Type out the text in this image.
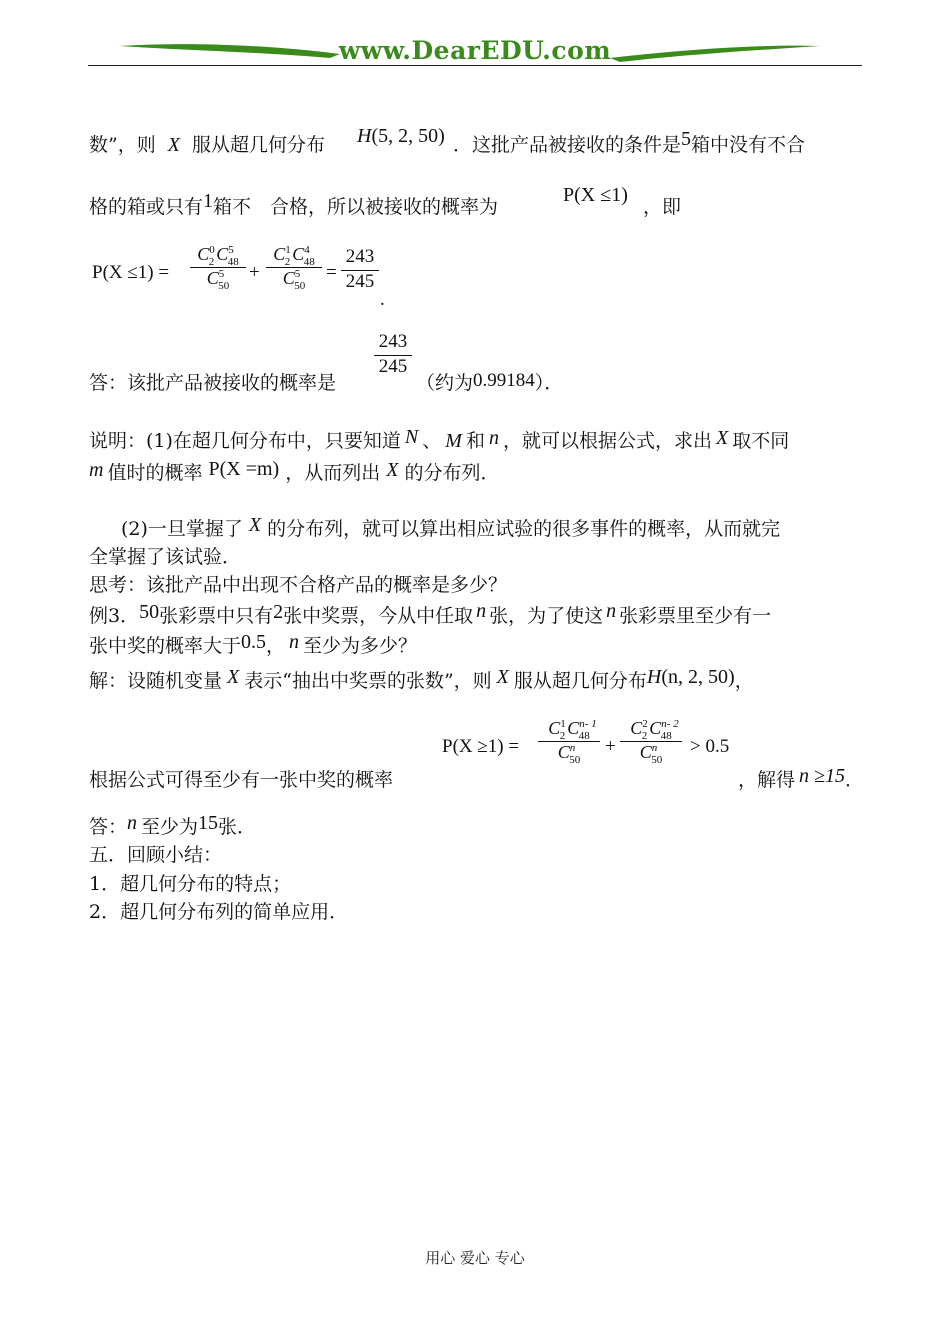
www.DearEDU.com
数”，则 X 服从超几何分布 H(5, 2, 50) ．这批产品被接收的条件是5箱中没有不合
格的箱或只有1箱不　合格，所以被接收的概率为
P(X ≤1)
，即
P(X ≤1) =
$C^0_2$ $C^5_{48}$
$C^5_{50}$
+
$C^1_2$ $C^4_{48}$
$C^5_{50}$
=
243
245
.
答：该批产品被接收的概率是
243
245
（约为0.99184）．
说明：(1)在超几何分布中，只要知道 N 、 M 和 n ，就可以根据公式，求出 X 取不同
m 值时的概率 P(X =m) ，从而列出 X 的分布列．
(2)一旦掌握了 X 的分布列，就可以算出相应试验的很多事件的概率，从而就完
全掌握了该试验．
思考：该批产品中出现不合格产品的概率是多少？
例3．50张彩票中只有2张中奖票，今从中任取 n 张，为了使这 n 张彩票里至少有一
张中奖的概率大于0.5， n 至少为多少？
解：设随机变量 X 表示“抽出中奖票的张数”，则 X 服从超几何分布H(n, 2, 50)，
P(X ≥1) =
$C^1_2$ $C^{n- 1}_{48}$
$C^n_{50}$
+
$C^2_2$ $C^{n- 2}_{48}$
$C^n_{50}$
> 0.5
根据公式可得至少有一张中奖的概率	，解得 n ≥15．
答：n 至少为15张．
五．回顾小结：
1．超几何分布的特点；
2．超几何分布列的简单应用．
用心 爱心 专心
